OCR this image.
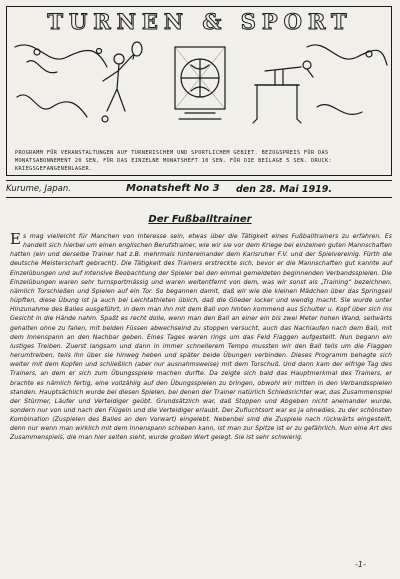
TURNEN & SPORT
PROGRAMM FÜR VERANSTALTUNGEN AUF TURNERISCHEM UND SPORTLICHEM GEBIET. BEZUGSPREIS FÜR DAS MONATSABONNEMENT 20 SEN, FÜR DAS EINZELNE MONATSHEFT 10 SEN. FÜR DIE BEILAGE 5 SEN. DRUCK: KRIEGSGEFANGENENLAGER.
Kurume, Japan.	Monatsheft No 3 den 28. Mai 1919.
Der Fußballtrainer

Es mag vielleicht für Manchen von Interesse sein, etwas über die Tätigkeit eines Fußballtrainers zu erfahren. Es handelt sich hierbei um einen englischen Berufstrainer, wie wir sie vor dem Kriege bei einzelnen guten Mannschaften hatten (ein und derselbe Trainer hat z.B. mehrmals hintereinander dem Karlsruher F.V. und der Spielvereinig. Fürth die deutsche Meisterschaft gebracht). Die Tätigkeit des Trainers erstreckte sich, bevor er die Mannschaften gut kannte auf Einzelübungen und auf intensive Beobachtung der Spieler bei den einmal gemeldeten beginnenden Verbandsspielen. Die Einzelübungen waren sehr turnsportmässig und waren weitentfernt von dem, was wir sonst als „Training“ bezeichnen, nämlich Torschießen und Spielen auf ein Tor. So begannen damit, daß wir wie die kleinen Mädchen über das Springseil hüpften, diese Übung ist ja auch bei Leichtathleten üblich, daß die Glieder locker und wendig macht. Sie wurde unter Hinzunahme des Balles ausgeführt, in dem man ihn mit dem Ball von hinten kommend aus Schulter u. Kopf über sich ins Gesicht in die Hände nahm. Spaßt es recht dolle, wenn man den Ball an einer ein bis zwei Meter hohen Wand, seitwärts gehalten ohne zu fallen, mit beiden Füssen abwechselnd zu stoppen versucht, auch das Nachlaufen nach dem Ball, mit dem Innenspann an den Nachbar geben. Eines Tages waren rings um das Feld Flaggen aufgestellt. Nun begann ein lustiges Treiben. Zuerst langsam und dann in immer schnellerem Tempo mussten wir den Ball teils um die Flaggen herumtreiben, teils ihn über sie hinweg heben und später beide Übungen verbinden. Dieses Programm behagte sich weiter mit dem Kopfen und schließlich (aber nur ausnahmsweise) mit dem Torschuß. Und dann kam der eifrige Tag des Trainers, an dem er sich zum Übungsspiele machen durfte. Da zeigte sich bald das Hauptmerkmal des Trainers, er brachte es nämlich fertig, eine vollzählig auf den Übungsspielen zu bringen, obwohl wir mitten in den Verbandsspielen standen. Hauptsächlich wurde bei diesen Spielen, bei denen der Trainer natürlich Schiedsrichter war, das Zusammenspiel der Stürmer, Läufer und Verteidiger geübt. Grundsätzlich war, daß Stoppen und Abgeben nicht aneinander wurde, sondern nur von und nach den Flügeln und die Verteidiger erlaubt. Der Zufluchtsort war es ja ohnedies, zu der schönsten Kombination (Zuspielen des Balles an den Vorwart) eingelebt. Nebenbei sind die Zuspiele nach rückwärts eingestellt, denn nur wenn man wirklich mit dem Innenspann schieben kann, ist man zur Spitze ist er zu gefährlich. Nun eine Art des Zusammenspiels, die man hier selten sieht, wurde großen Wert gelegt. Sie ist sehr schwierig.

-1-
